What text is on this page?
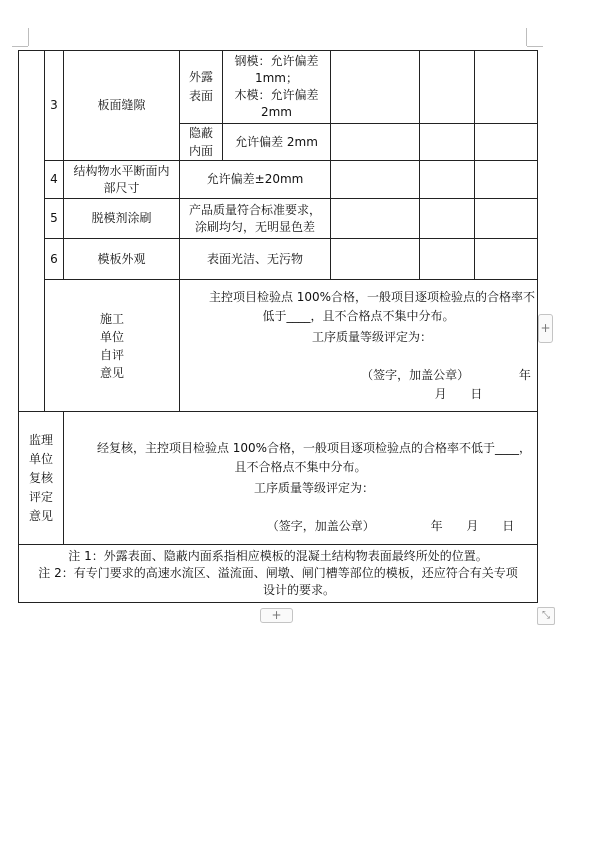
	3	板面缝隙	外露表面	钢模：允许偏差
1mm；
木模：允许偏差
2mm			

			隐蔽内面	允许偏差 2mm			
	4	结构物水平断面内部尺寸	允许偏差±20mm				
	5	脱模剂涂刷	产品质量符合标准要求，
涂刷均匀，无明显色差				

	6	模板外观	表面光洁、无污物				

	施工单位自评意见		主控项目检验点 100%合格，一般项目逐项检验点的合格率不低于____，且不合格点不集中分布。
工序质量等级评定为：
（签字，加盖公章） 年 月 日				

监理单位复核评定意见		经复核，主控项目检验点 100%合格，一般项目逐项检验点的合格率不低于____，且不合格点不集中分布。
工序质量等级评定为：
（签字，加盖公章） 年 月 日					

注 1：外露表面、隐蔽内面系指相应模板的混凝土结构物表面最终所处的位置。
注 2：有专门要求的高速水流区、溢流面、闸墩、闸门槽等部位的模板，还应符合有关专项
设计的要求。							
+
+	⤡
